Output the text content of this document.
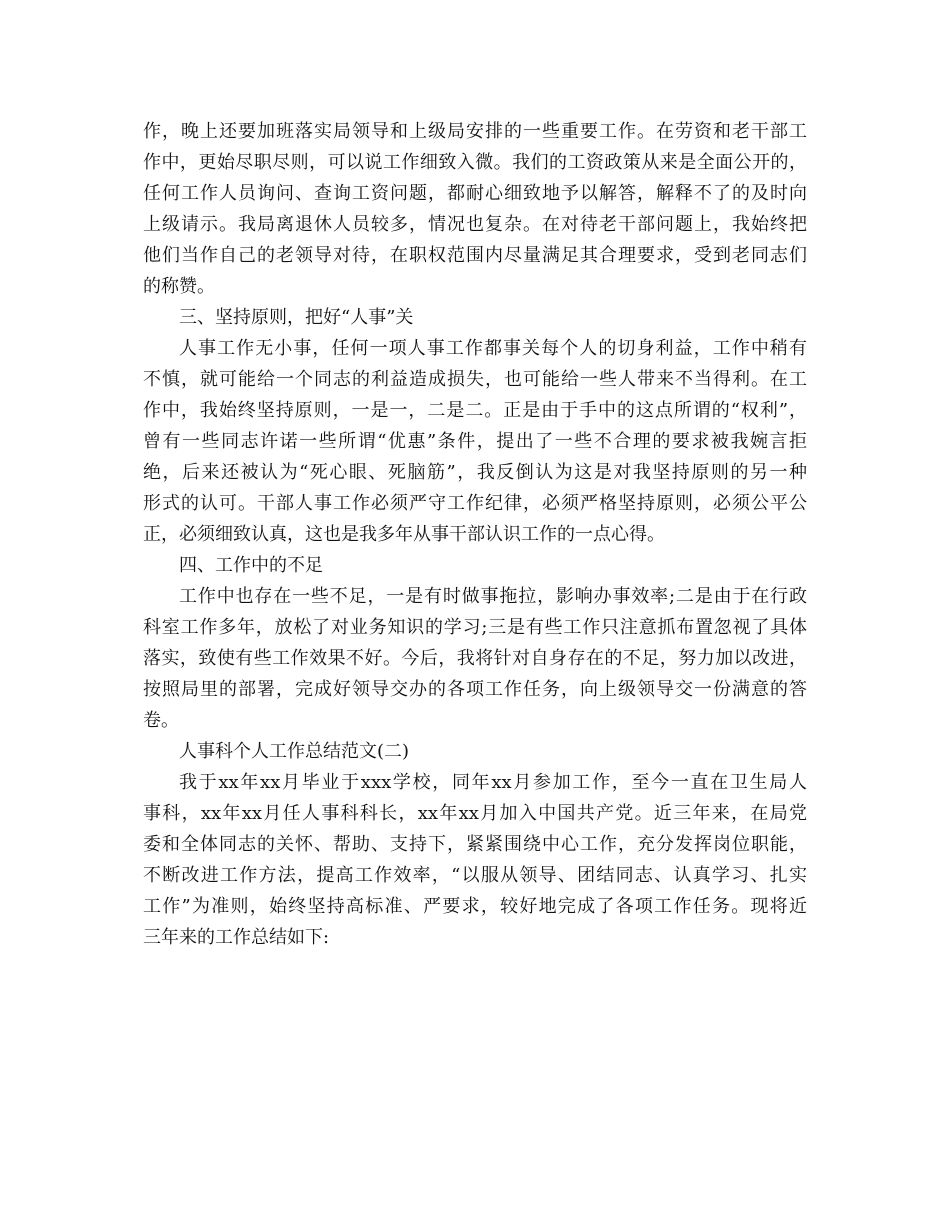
作，晚上还要加班落实局领导和上级局安排的一些重要工作。在劳资和老干部工
作中，更始尽职尽则，可以说工作细致入微。我们的工资政策从来是全面公开的，
任何工作人员询问、查询工资问题，都耐心细致地予以解答，解释不了的及时向
上级请示。我局离退休人员较多，情况也复杂。在对待老干部问题上，我始终把
他们当作自己的老领导对待，在职权范围内尽量满足其合理要求，受到老同志们
的称赞。
三、坚持原则，把好“人事”关
人事工作无小事，任何一项人事工作都事关每个人的切身利益，工作中稍有
不慎，就可能给一个同志的利益造成损失，也可能给一些人带来不当得利。在工
作中，我始终坚持原则，一是一，二是二。正是由于手中的这点所谓的“权利”，
曾有一些同志许诺一些所谓“优惠”条件，提出了一些不合理的要求被我婉言拒
绝，后来还被认为“死心眼、死脑筋”，我反倒认为这是对我坚持原则的另一种
形式的认可。干部人事工作必须严守工作纪律，必须严格坚持原则，必须公平公
正，必须细致认真，这也是我多年从事干部认识工作的一点心得。
四、工作中的不足
工作中也存在一些不足，一是有时做事拖拉，影响办事效率;二是由于在行政
科室工作多年，放松了对业务知识的学习;三是有些工作只注意抓布置忽视了具体
落实，致使有些工作效果不好。今后，我将针对自身存在的不足，努力加以改进，
按照局里的部署，完成好领导交办的各项工作任务，向上级领导交一份满意的答
卷。
人事科个人工作总结范文(二)
我于xx年xx月毕业于xxx学校，同年xx月参加工作，至今一直在卫生局人
事科，xx年xx月任人事科科长，xx年xx月加入中国共产党。近三年来，在局党
委和全体同志的关怀、帮助、支持下，紧紧围绕中心工作，充分发挥岗位职能，
不断改进工作方法，提高工作效率，“以服从领导、团结同志、认真学习、扎实
工作”为准则，始终坚持高标准、严要求，较好地完成了各项工作任务。现将近
三年来的工作总结如下:
